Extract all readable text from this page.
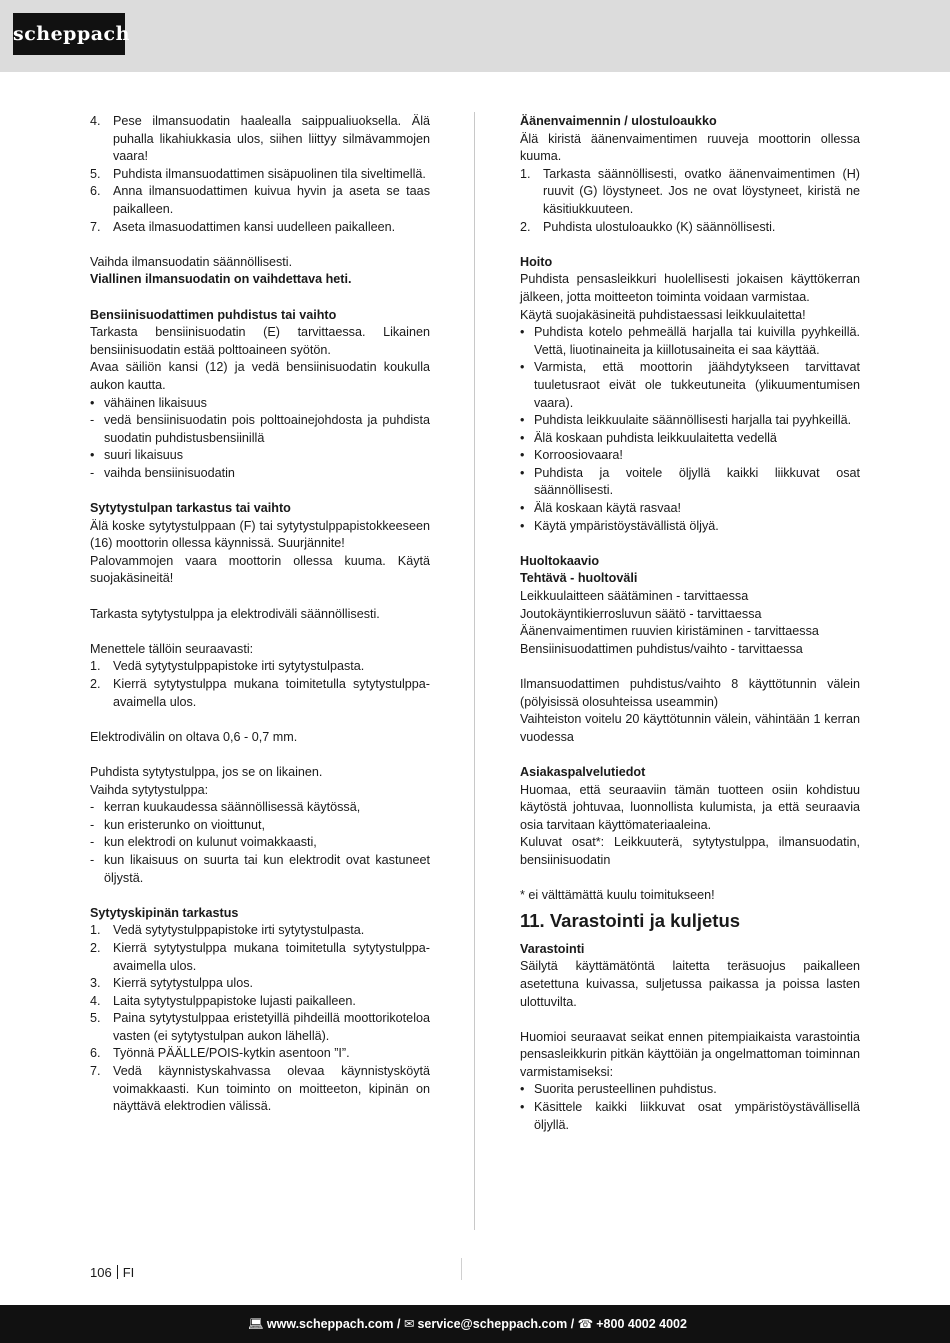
scheppach
4. Pese ilmansuodatin haalealla saippualiuoksella. Älä puhalla likahiukkasia ulos, siihen liittyy silmävammojen vaara!
5. Puhdista ilmansuodattimen sisäpuolinen tila siveltimellä.
6. Anna ilmansuodattimen kuivua hyvin ja aseta se taas paikalleen.
7. Aseta ilmasuodattimen kansi uudelleen paikalleen.

Vaihda ilmansuodatin säännöllisesti.

Viallinen ilmansuodatin on vaihdettava heti.

Bensiinisuodattimen puhdistus tai vaihto

Tarkasta bensiinisuodatin (E) tarvittaessa. Likainen bensiinisuodatin estää polttoaineen syötön.

Avaa säiliön kansi (12) ja vedä bensiinisuodatin koukulla aukon kautta.

• vähäinen likaisuus
- vedä bensiinisuodatin pois polttoainejohdosta ja puhdista suodatin puhdistusbensiinillä
• suuri likaisuus
- vaihda bensiinisuodatin

Sytytystulpan tarkastus tai vaihto

Älä koske sytytystulppaan (F) tai sytytystulppapistokkeeseen (16) moottorin ollessa käynnissä. Suurjännite!

Palovammojen vaara moottorin ollessa kuuma. Käytä suojakäsineitä!

Tarkasta sytytystulppa ja elektrodiväli säännöllisesti.

Menettele tällöin seuraavasti:

1. Vedä sytytystulppapistoke irti sytytystulpasta.
2. Kierrä sytytystulppa mukana toimitetulla sytytystulppa-avaimella ulos.

Elektrodivälin on oltava 0,6 - 0,7 mm.

Puhdista sytytystulppa, jos se on likainen.

Vaihda sytytystulppa:

- kerran kuukaudessa säännöllisessä käytössä,
- kun eristerunko on vioittunut,
- kun elektrodi on kulunut voimakkaasti,
- kun likaisuus on suurta tai kun elektrodit ovat kastuneet öljystä.

Sytytyskipinän tarkastus

1. Vedä sytytystulppapistoke irti sytytystulpasta.
2. Kierrä sytytystulppa mukana toimitetulla sytytystulppa-avaimella ulos.
3. Kierrä sytytystulppa ulos.
4. Laita sytytystulppapistoke lujasti paikalleen.
5. Paina sytytystulppaa eristetyillä pihdeillä moottorikoteloa vasten (ei sytytystulpan aukon lähellä).
6. Työnnä PÄÄLLE/POIS-kytkin asentoon ”I”.
7. Vedä käynnistyskahvassa olevaa käynnistysköytä voimakkaasti. Kun toiminto on moitteeton, kipinän on näyttävä elektrodien välissä.

Äänenvaimennin / ulostuloaukko

Älä kiristä äänenvaimentimen ruuveja moottorin ollessa kuuma.

1. Tarkasta säännöllisesti, ovatko äänenvaimentimen (H) ruuvit (G) löystyneet. Jos ne ovat löystyneet, kiristä ne käsitiukkuuteen.
2. Puhdista ulostuloaukko (K) säännöllisesti.

Hoito

Puhdista pensasleikkuri huolellisesti jokaisen käyttökerran jälkeen, jotta moitteeton toiminta voidaan varmistaa.

Käytä suojakäsineitä puhdistaessasi leikkuulaitetta!

• Puhdista kotelo pehmeällä harjalla tai kuivilla pyyhkeillä. Vettä, liuotinaineita ja kiillotusaineita ei saa käyttää.
• Varmista, että moottorin jäähdytykseen tarvittavat tuuletusraot eivät ole tukkeutuneita (ylikuumentumisen vaara).
• Puhdista leikkuulaite säännöllisesti harjalla tai pyyhkeillä.
• Älä koskaan puhdista leikkuulaitetta vedellä
• Korroosiovaara!
• Puhdista ja voitele öljyllä kaikki liikkuvat osat säännöllisesti.
• Älä koskaan käytä rasvaa!
• Käytä ympäristöystävällistä öljyä.

Huoltokaavio

Tehtävä - huoltoväli

Leikkuulaitteen säätäminen - tarvittaessa

Joutokäyntikierrosluvun säätö - tarvittaessa

Äänenvaimentimen ruuvien kiristäminen - tarvittaessa

Bensiinisuodattimen puhdistus/vaihto - tarvittaessa

Ilmansuodattimen puhdistus/vaihto 8 käyttötunnin välein (pölyisissä olosuhteissa useammin)

Vaihteiston voitelu 20 käyttötunnin välein, vähintään 1 kerran vuodessa

Asiakaspalvelutiedot

Huomaa, että seuraaviin tämän tuotteen osiin kohdistuu käytöstä johtuvaa, luonnollista kulumista, ja että seuraavia osia tarvitaan käyttömateriaaleina.

Kuluvat osat*: Leikkuuterä, sytytystulppa, ilmansuodatin, bensiinisuodatin

* ei välttämättä kuulu toimitukseen!

11. Varastointi ja kuljetus

Varastointi

Säilytä käyttämätöntä laitetta teräsuojus paikalleen asetettuna kuivassa, suljetussa paikassa ja poissa lasten ulottuvilta.

Huomioi seuraavat seikat ennen pitempiaikaista varastointia pensasleikkurin pitkän käyttöiän ja ongelmattoman toiminnan varmistamiseksi:

• Suorita perusteellinen puhdistus.
• Käsittele kaikki liikkuvat osat ympäristöystävällisellä öljyllä.
106 FI
💻︎ www.scheppach.com / ✉︎ service@scheppach.com / ☎︎ +800 4002 4002
